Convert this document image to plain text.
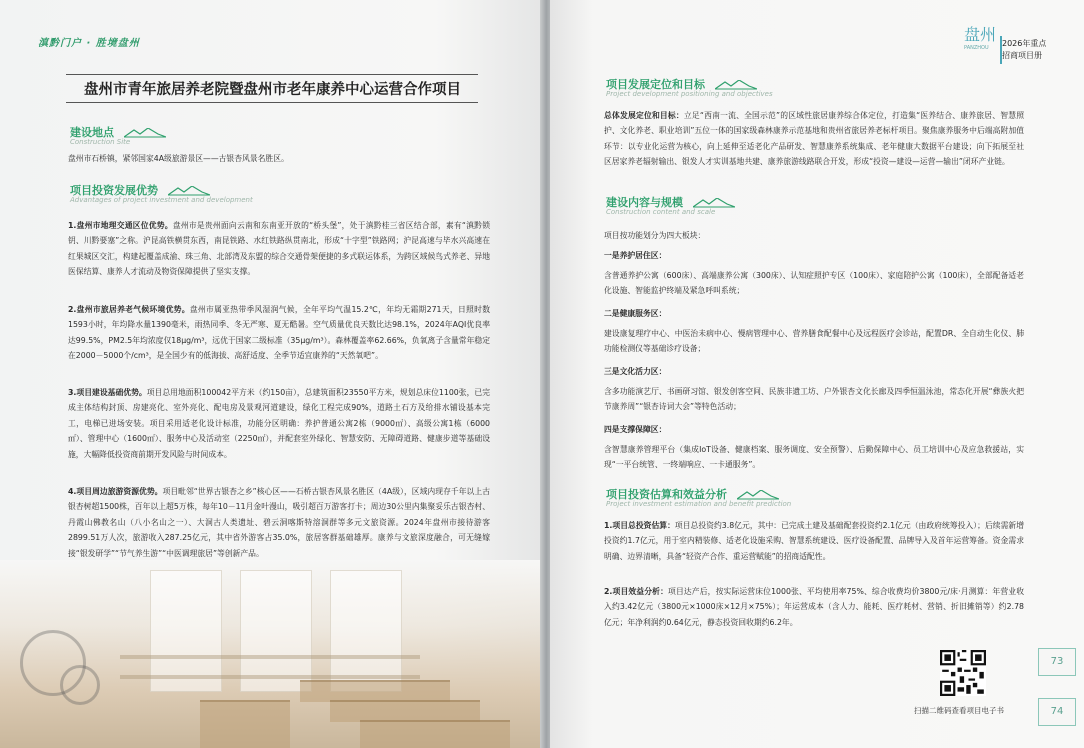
滇黔门户 · 胜境盘州
盘州市青年旅居养老院暨盘州市老年康养中心运营合作项目
建设地点
Construction Site
盘州市石桥镇，紧邻国家4A级旅游景区——古银杏风景名胜区。
项目投资发展优势
Advantages of project investment and development
1.盘州市地理交通区位优势。盘州市是贵州面向云南和东南亚开放的“桥头堡”，处于滇黔桂三省区结合部，素有“滇黔锁钥、川黔要塞”之称。沪昆高铁横贯东西，南昆铁路、水红铁路纵贯南北，形成“十字型”铁路网；沪昆高速与毕水兴高速在红果城区交汇，构建起覆盖成渝、珠三角、北部湾及东盟的综合交通骨架便捷的多式联运体系，为跨区域候鸟式养老、异地医保结算、康养人才流动及物资保障提供了坚实支撑。
2.盘州市旅居养老气候环境优势。盘州市属亚热带季风湿润气候，全年平均气温15.2℃，年均无霜期271天，日照时数1593小时，年均降水量1390毫米，雨热同季、冬无严寒、夏无酷暑。空气质量优良天数比达98.1%，2024年AQI优良率达99.5%，PM2.5年均浓度仅18μg/m³，远优于国家二级标准（35μg/m³）。森林覆盖率62.66%，负氧离子含量常年稳定在2000－5000个/cm³，是全国少有的低海拔、高舒适度、全季节适宜康养的“天然氧吧”。
3.项目建设基础优势。项目总用地面积100042平方米（约150亩），总建筑面积23550平方米，规划总床位1100张，已完成主体结构封顶、房建亮化、室外亮化、配电房及景观河道建设，绿化工程完成90%，道路土石方及给排水铺设基本完工，电梯已进场安装。项目采用适老化设计标准，功能分区明确：养护普通公寓2栋（9000㎡）、高级公寓1栋（6000㎡）、管理中心（1600㎡）、服务中心及活动室（2250㎡），并配套室外绿化、智慧安防、无障碍道路、健康步道等基础设施，大幅降低投资商前期开发风险与时间成本。
4.项目周边旅游资源优势。项目毗邻“世界古银杏之乡”核心区——石桥古银杏风景名胜区（4A级），区域内现存千年以上古银杏树超1500株，百年以上超5万株，每年10－11月金叶漫山，吸引超百万游客打卡；周边30公里内集聚妥乐古银杏村、丹霞山佛教名山（八小名山之一）、大洞古人类遗址、碧云洞喀斯特溶洞群等多元文旅资源。2024年盘州市接待游客2899.51万人次，旅游收入287.25亿元，其中省外游客占35.0%，旅居客群基础雄厚。康养与文旅深度融合，可无缝嫁接“银发研学”“节气养生游”“中医调理旅居”等创新产品。
盘州
PANZHOU	2026年重点
招商项目册
项目发展定位和目标
Project development positioning and objectives
总体发展定位和目标：立足“西南一流、全国示范”的区域性旅居康养综合体定位，打造集“医养结合、康养旅居、智慧照护、文化养老、职业培训”五位一体的国家级森林康养示范基地和贵州省旅居养老标杆项目。聚焦康养服务中后端高附加值环节：以专业化运营为核心，向上延伸至适老化产品研发、智慧康养系统集成、老年健康大数据平台建设；向下拓展至社区居家养老辐射输出、银发人才实训基地共建、康养旅游线路联合开发，形成“投资—建设—运营—输出”闭环产业链。
建设内容与规模
Construction content and scale
项目按功能划分为四大板块：
一是养护居住区：
含普通养护公寓（600床）、高端康养公寓（300床）、认知症照护专区（100床）、家庭陪护公寓（100床），全部配备适老化设施、智能监护终端及紧急呼叫系统；
二是健康服务区：
建设康复理疗中心、中医治未病中心、慢病管理中心、营养膳食配餐中心及远程医疗会诊站，配置DR、全自动生化仪、肺功能检测仪等基础诊疗设备；
三是文化活力区：
含多功能演艺厅、书画研习馆、银发创客空间、民族非遗工坊、户外银杏文化长廊及四季恒温泳池，常态化开展“彝族火把节康养周”“银杏诗词大会”等特色活动；
四是支撑保障区：
含智慧康养管理平台（集成IoT设备、健康档案、服务调度、安全预警）、后勤保障中心、员工培训中心及应急救援站，实现“一平台统管、一终端响应、一卡通服务”。
项目投资估算和效益分析
Project investment estimation and benefit prediction
1.项目总投资估算：项目总投资约3.8亿元，其中：已完成土建及基础配套投资约2.1亿元（由政府统筹投入）；后续需新增投资约1.7亿元，用于室内精装修、适老化设施采购、智慧系统建设、医疗设备配置、品牌导入及首年运营筹备。资金需求明确、边界清晰，具备“轻资产合作、重运营赋能”的招商适配性。
2.项目效益分析：项目达产后，按实际运营床位1000张、平均使用率75%、综合收费均价3800元/床·月测算：年营业收入约3.42亿元（3800元×1000床×12月×75%）；年运营成本（含人力、能耗、医疗耗材、营销、折旧摊销等）约2.78亿元；年净利润约0.64亿元，静态投资回收期约6.2年。
扫描二维码查看项目电子书
73
74
